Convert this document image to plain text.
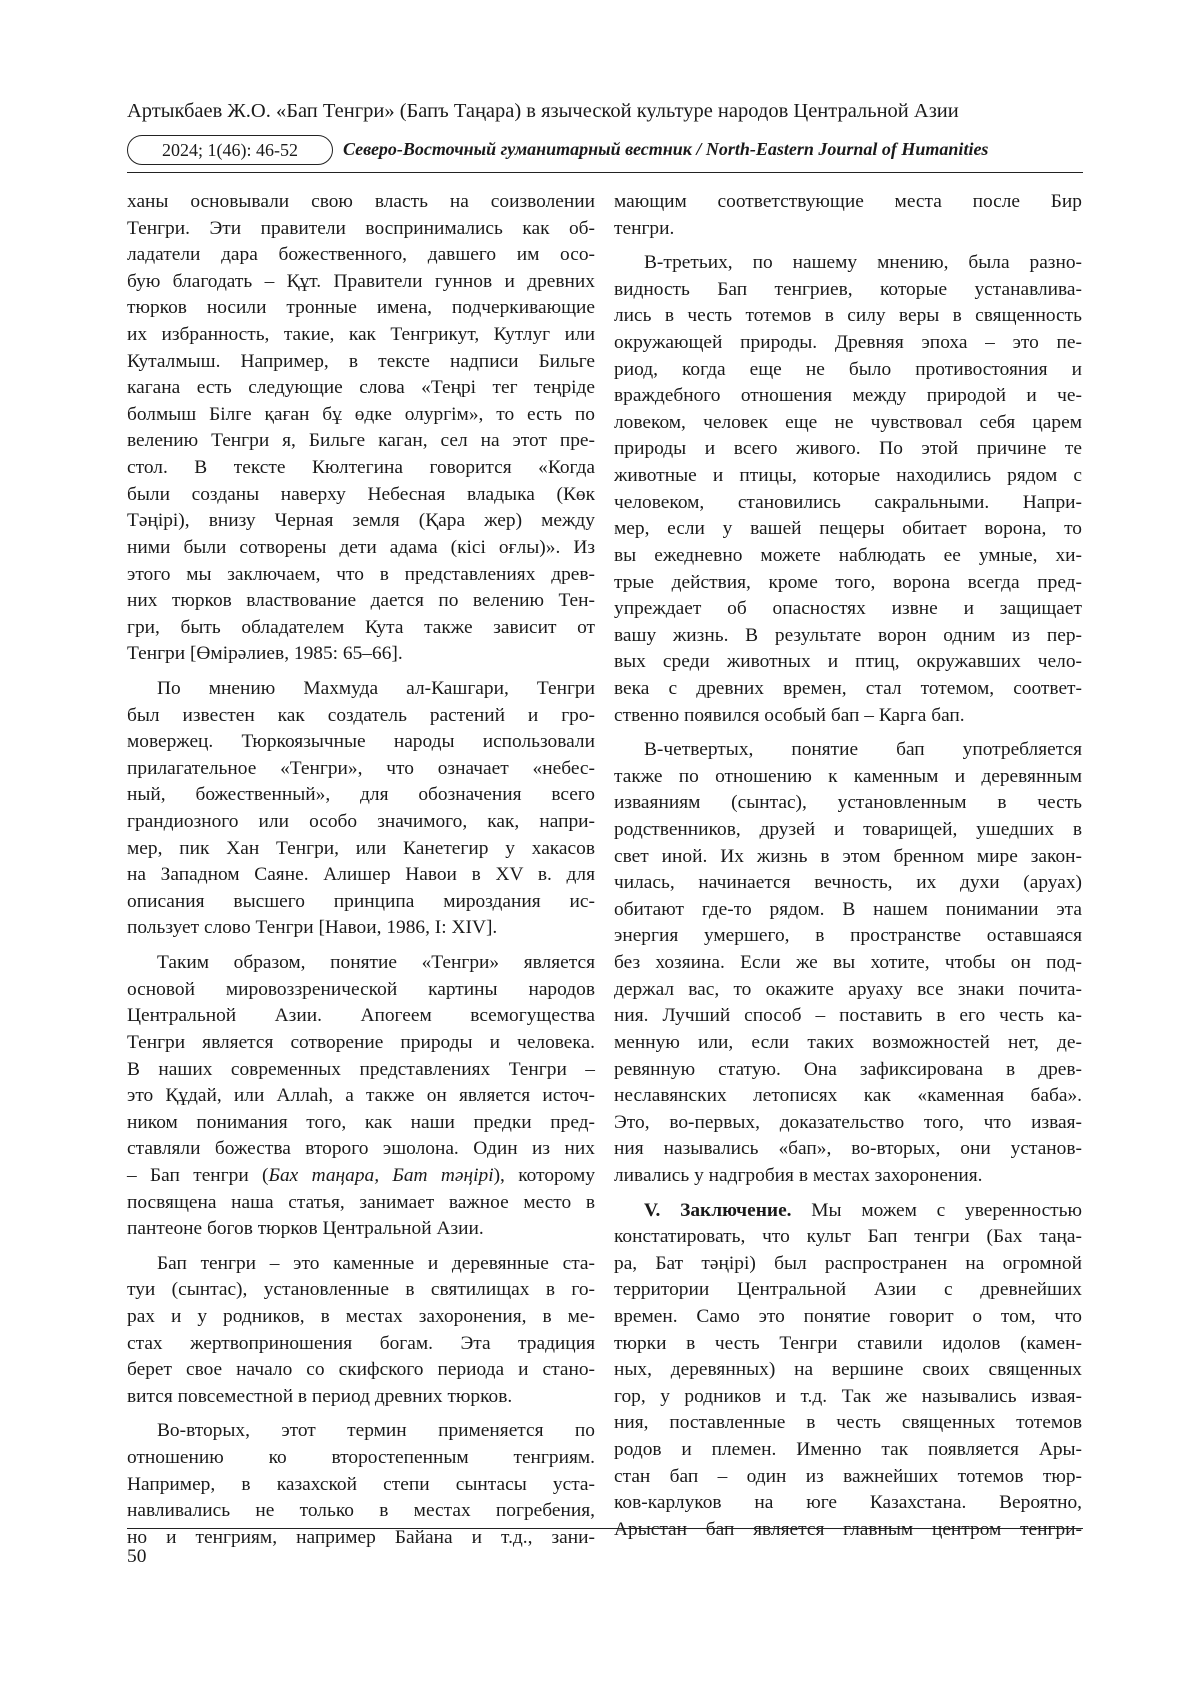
Артыкбаев Ж.О. «Бап Тенгри» (Бапъ Таңара) в языческой культуре народов Центральной Азии
2024; 1(46): 46-52	Северо-Восточный гуманитарный вестник / North-Eastern Journal of Humanities

ханы основывали свою власть на соизволении
Тенгри. Эти правители воспринимались как об-
ладатели дара божественного, давшего им осо-
бую благодать – Құт. Правители гуннов и древних
тюрков носили тронные имена, подчеркивающие
их избранность, такие, как Тенгрикут, Кутлуг или
Куталмыш. Например, в тексте надписи Бильге
кагана есть следующие слова «Теңрі тег теңріде
болмыш Білге қаған бұ өдке олургім», то есть по
велению Тенгри я, Бильге каган, сел на этот пре-
стол. В тексте Кюлтегина говорится «Когда
были созданы наверху Небесная владыка (Көк
Тәңірі), внизу Черная земля (Қара жер) между
ними были сотворены дети адама (кісі оғлы)». Из
этого мы заключаем, что в представлениях древ-
них тюрков властвование дается по велению Тен-
гри, быть обладателем Кута также зависит от
Тенгри [Өмірәлиев, 1985: 65–66].

По мнению Махмуда ал-Кашгари, Тенгри
был известен как создатель растений и гро-
мовержец. Тюркоязычные народы использовали
прилагательное «Тенгри», что означает «небес-
ный, божественный», для обозначения всего
грандиозного или особо значимого, как, напри-
мер, пик Хан Тенгри, или Канетегир у хакасов
на Западном Саяне. Алишер Навои в XV в. для
описания высшего принципа мироздания ис-
пользует слово Тенгри [Навои, 1986, I: XIV].

Таким образом, понятие «Тенгри» является
основой мировоззренической картины народов
Центральной Азии. Апогеем всемогущества
Тенгри является сотворение природы и человека.
В наших современных представлениях Тенгри –
это Құдай, или Аллаh, а также он является источ-
ником понимания того, как наши предки пред-
ставляли божества второго эшолона. Один из них
– Бап тенгри (Бах таңара, Бат тәңірі), которому
посвящена наша статья, занимает важное место в
пантеоне богов тюрков Центральной Азии.

Бап тенгри – это каменные и деревянные ста-
туи (сынтас), установленные в святилищах в го-
рах и у родников, в местах захоронения, в ме-
стах жертвоприношения богам. Эта традиция
берет свое начало со скифского периода и стано-
вится повсеместной в период древних тюрков.

Во-вторых, этот термин применяется по
отношению ко второстепенным тенгриям.
Например, в казахской степи сынтасы уста-
навливались не только в местах погребения,
но и тенгриям, например Байана и т.д., зани-

мающим соответствующие места после Бир
тенгри.

В-третьих, по нашему мнению, была разно-
видность Бап тенгриев, которые устанавлива-
лись в честь тотемов в силу веры в священность
окружающей природы. Древняя эпоха – это пе-
риод, когда еще не было противостояния и
враждебного отношения между природой и че-
ловеком, человек еще не чувствовал себя царем
природы и всего живого. По этой причине те
животные и птицы, которые находились рядом с
человеком, становились сакральными. Напри-
мер, если у вашей пещеры обитает ворона, то
вы ежедневно можете наблюдать ее умные, хи-
трые действия, кроме того, ворона всегда пред-
упреждает об опасностях извне и защищает
вашу жизнь. В результате ворон одним из пер-
вых среди животных и птиц, окружавших чело-
века с древних времен, стал тотемом, соответ-
ственно появился особый бап – Карга бап.

В-четвертых, понятие бап употребляется
также по отношению к каменным и деревянным
изваяниям (сынтас), установленным в честь
родственников, друзей и товарищей, ушедших в
свет иной. Их жизнь в этом бренном мире закон-
чилась, начинается вечность, их духи (аруах)
обитают где-то рядом. В нашем понимании эта
энергия умершего, в пространстве оставшаяся
без хозяина. Если же вы хотите, чтобы он под-
держал вас, то окажите аруаху все знаки почита-
ния. Лучший способ – поставить в его честь ка-
менную или, если таких возможностей нет, де-
ревянную статую. Она зафиксирована в древ-
неславянских летописях как «каменная баба».
Это, во-первых, доказательство того, что извая-
ния назывались «бап», во-вторых, они установ-
ливались у надгробия в местах захоронения.

V. Заключение. Мы можем с уверенностью
констатировать, что культ Бап тенгри (Бах таңа-
ра, Бат тәңірі) был распространен на огромной
территории Центральной Азии с древнейших
времен. Само это понятие говорит о том, что
тюрки в честь Тенгри ставили идолов (камен-
ных, деревянных) на вершине своих священных
гор, у родников и т.д. Так же назывались извая-
ния, поставленные в честь священных тотемов
родов и племен. Именно так появляется Ары-
стан бап – один из важнейших тотемов тюр-
ков-карлуков на юге Казахстана. Вероятно,
Арыстан бап является главным центром тенгри-

50
